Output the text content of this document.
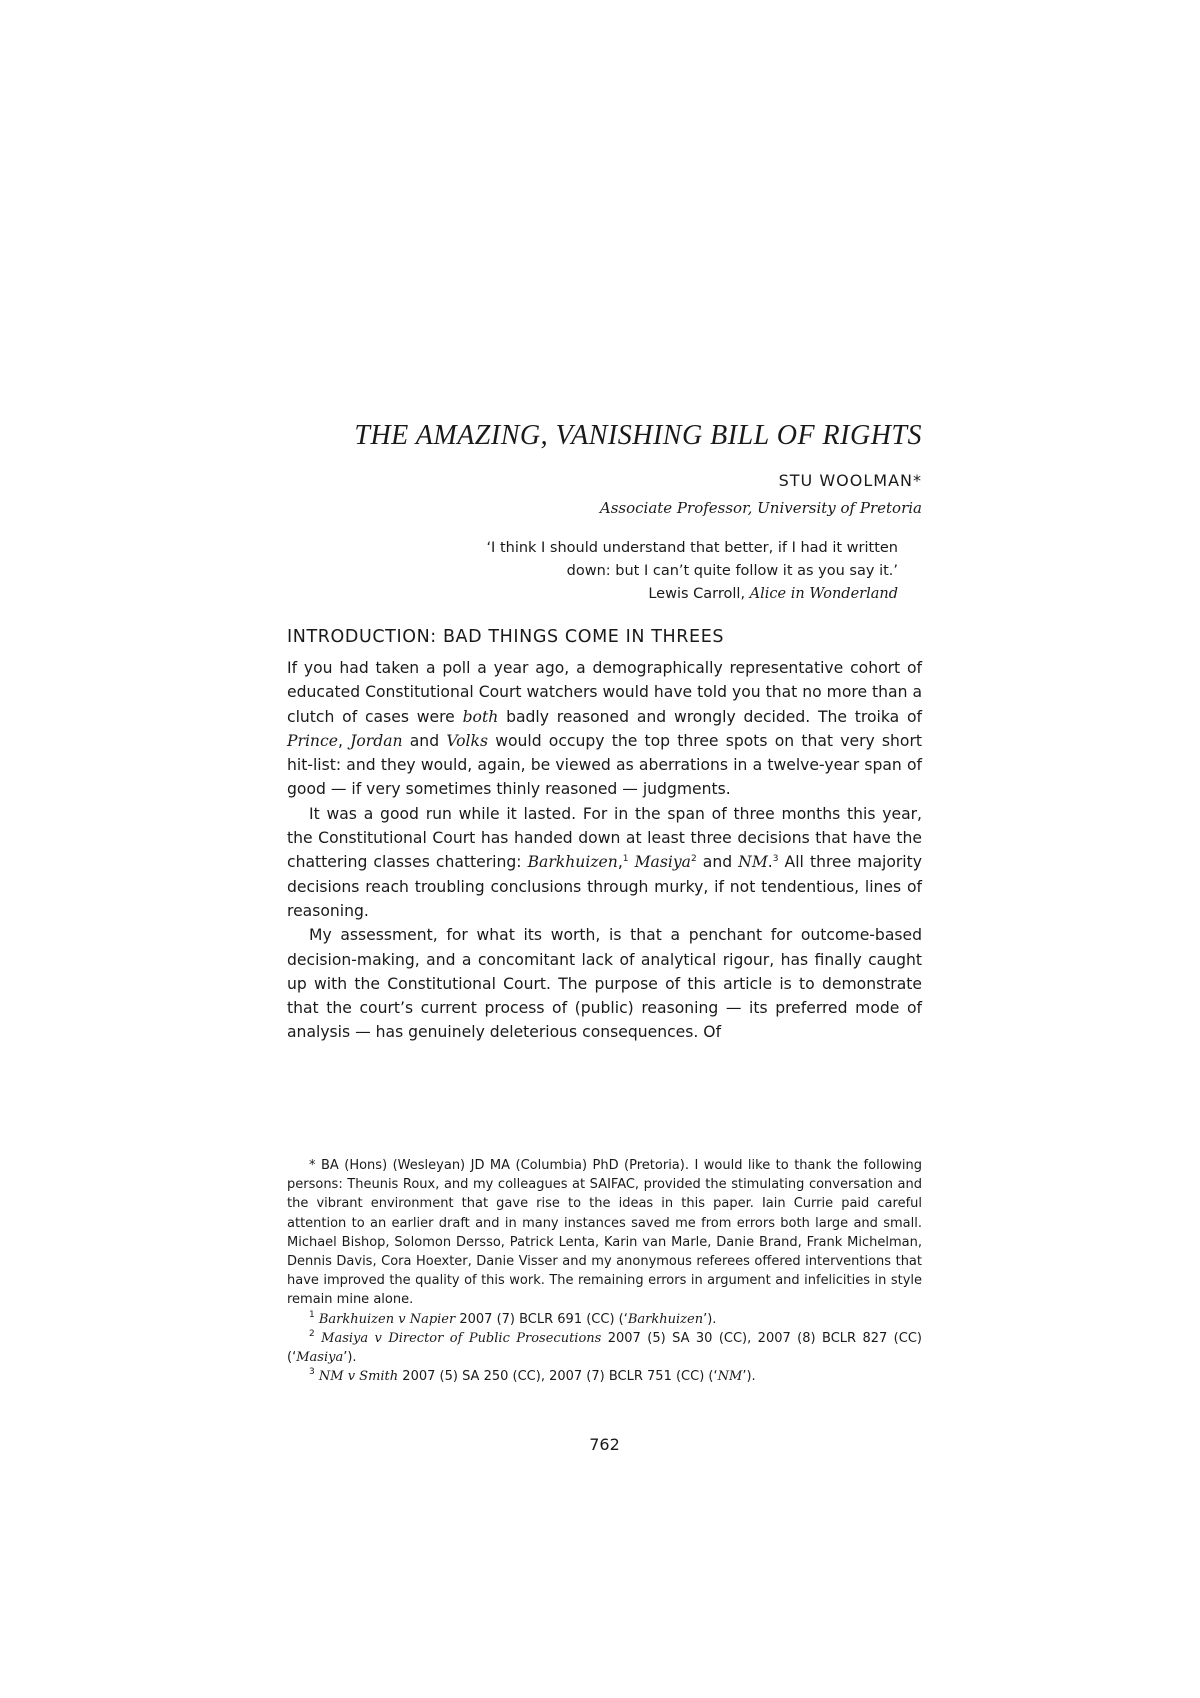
THE AMAZING, VANISHING BILL OF RIGHTS
STU WOOLMAN*
Associate Professor, University of Pretoria
‘I think I should understand that better, if I had it written
down: but I can’t quite follow it as you say it.’
Lewis Carroll, Alice in Wonderland
INTRODUCTION: BAD THINGS COME IN THREES

If you had taken a poll a year ago, a demographically representative cohort of educated Constitutional Court watchers would have told you that no more than a clutch of cases were both badly reasoned and wrongly decided. The troika of Prince, Jordan and Volks would occupy the top three spots on that very short hit-list: and they would, again, be viewed as aberrations in a twelve-year span of good — if very sometimes thinly reasoned — judgments.

It was a good run while it lasted. For in the span of three months this year, the Constitutional Court has handed down at least three decisions that have the chattering classes chattering: Barkhuizen,$^1$ Masiya$^2$ and NM.$^3$ All three majority decisions reach troubling conclusions through murky, if not tendentious, lines of reasoning.

My assessment, for what its worth, is that a penchant for outcome-based decision-making, and a concomitant lack of analytical rigour, has finally caught up with the Constitutional Court. The purpose of this article is to demonstrate that the court’s current process of (public) reasoning — its preferred mode of analysis — has genuinely deleterious consequences. Of

* BA (Hons) (Wesleyan) JD MA (Columbia) PhD (Pretoria). I would like to thank the following persons: Theunis Roux, and my colleagues at SAIFAC, provided the stimulating conversation and the vibrant environment that gave rise to the ideas in this paper. Iain Currie paid careful attention to an earlier draft and in many instances saved me from errors both large and small. Michael Bishop, Solomon Dersso, Patrick Lenta, Karin van Marle, Danie Brand, Frank Michelman, Dennis Davis, Cora Hoexter, Danie Visser and my anonymous referees offered interventions that have improved the quality of this work. The remaining errors in argument and infelicities in style remain mine alone.

$^1$ Barkhuizen v Napier 2007 (7) BCLR 691 (CC) (‘Barkhuizen’).

$^2$ Masiya v Director of Public Prosecutions 2007 (5) SA 30 (CC), 2007 (8) BCLR 827 (CC) (‘Masiya’).

$^3$ NM v Smith 2007 (5) SA 250 (CC), 2007 (7) BCLR 751 (CC) (‘NM’).

762
